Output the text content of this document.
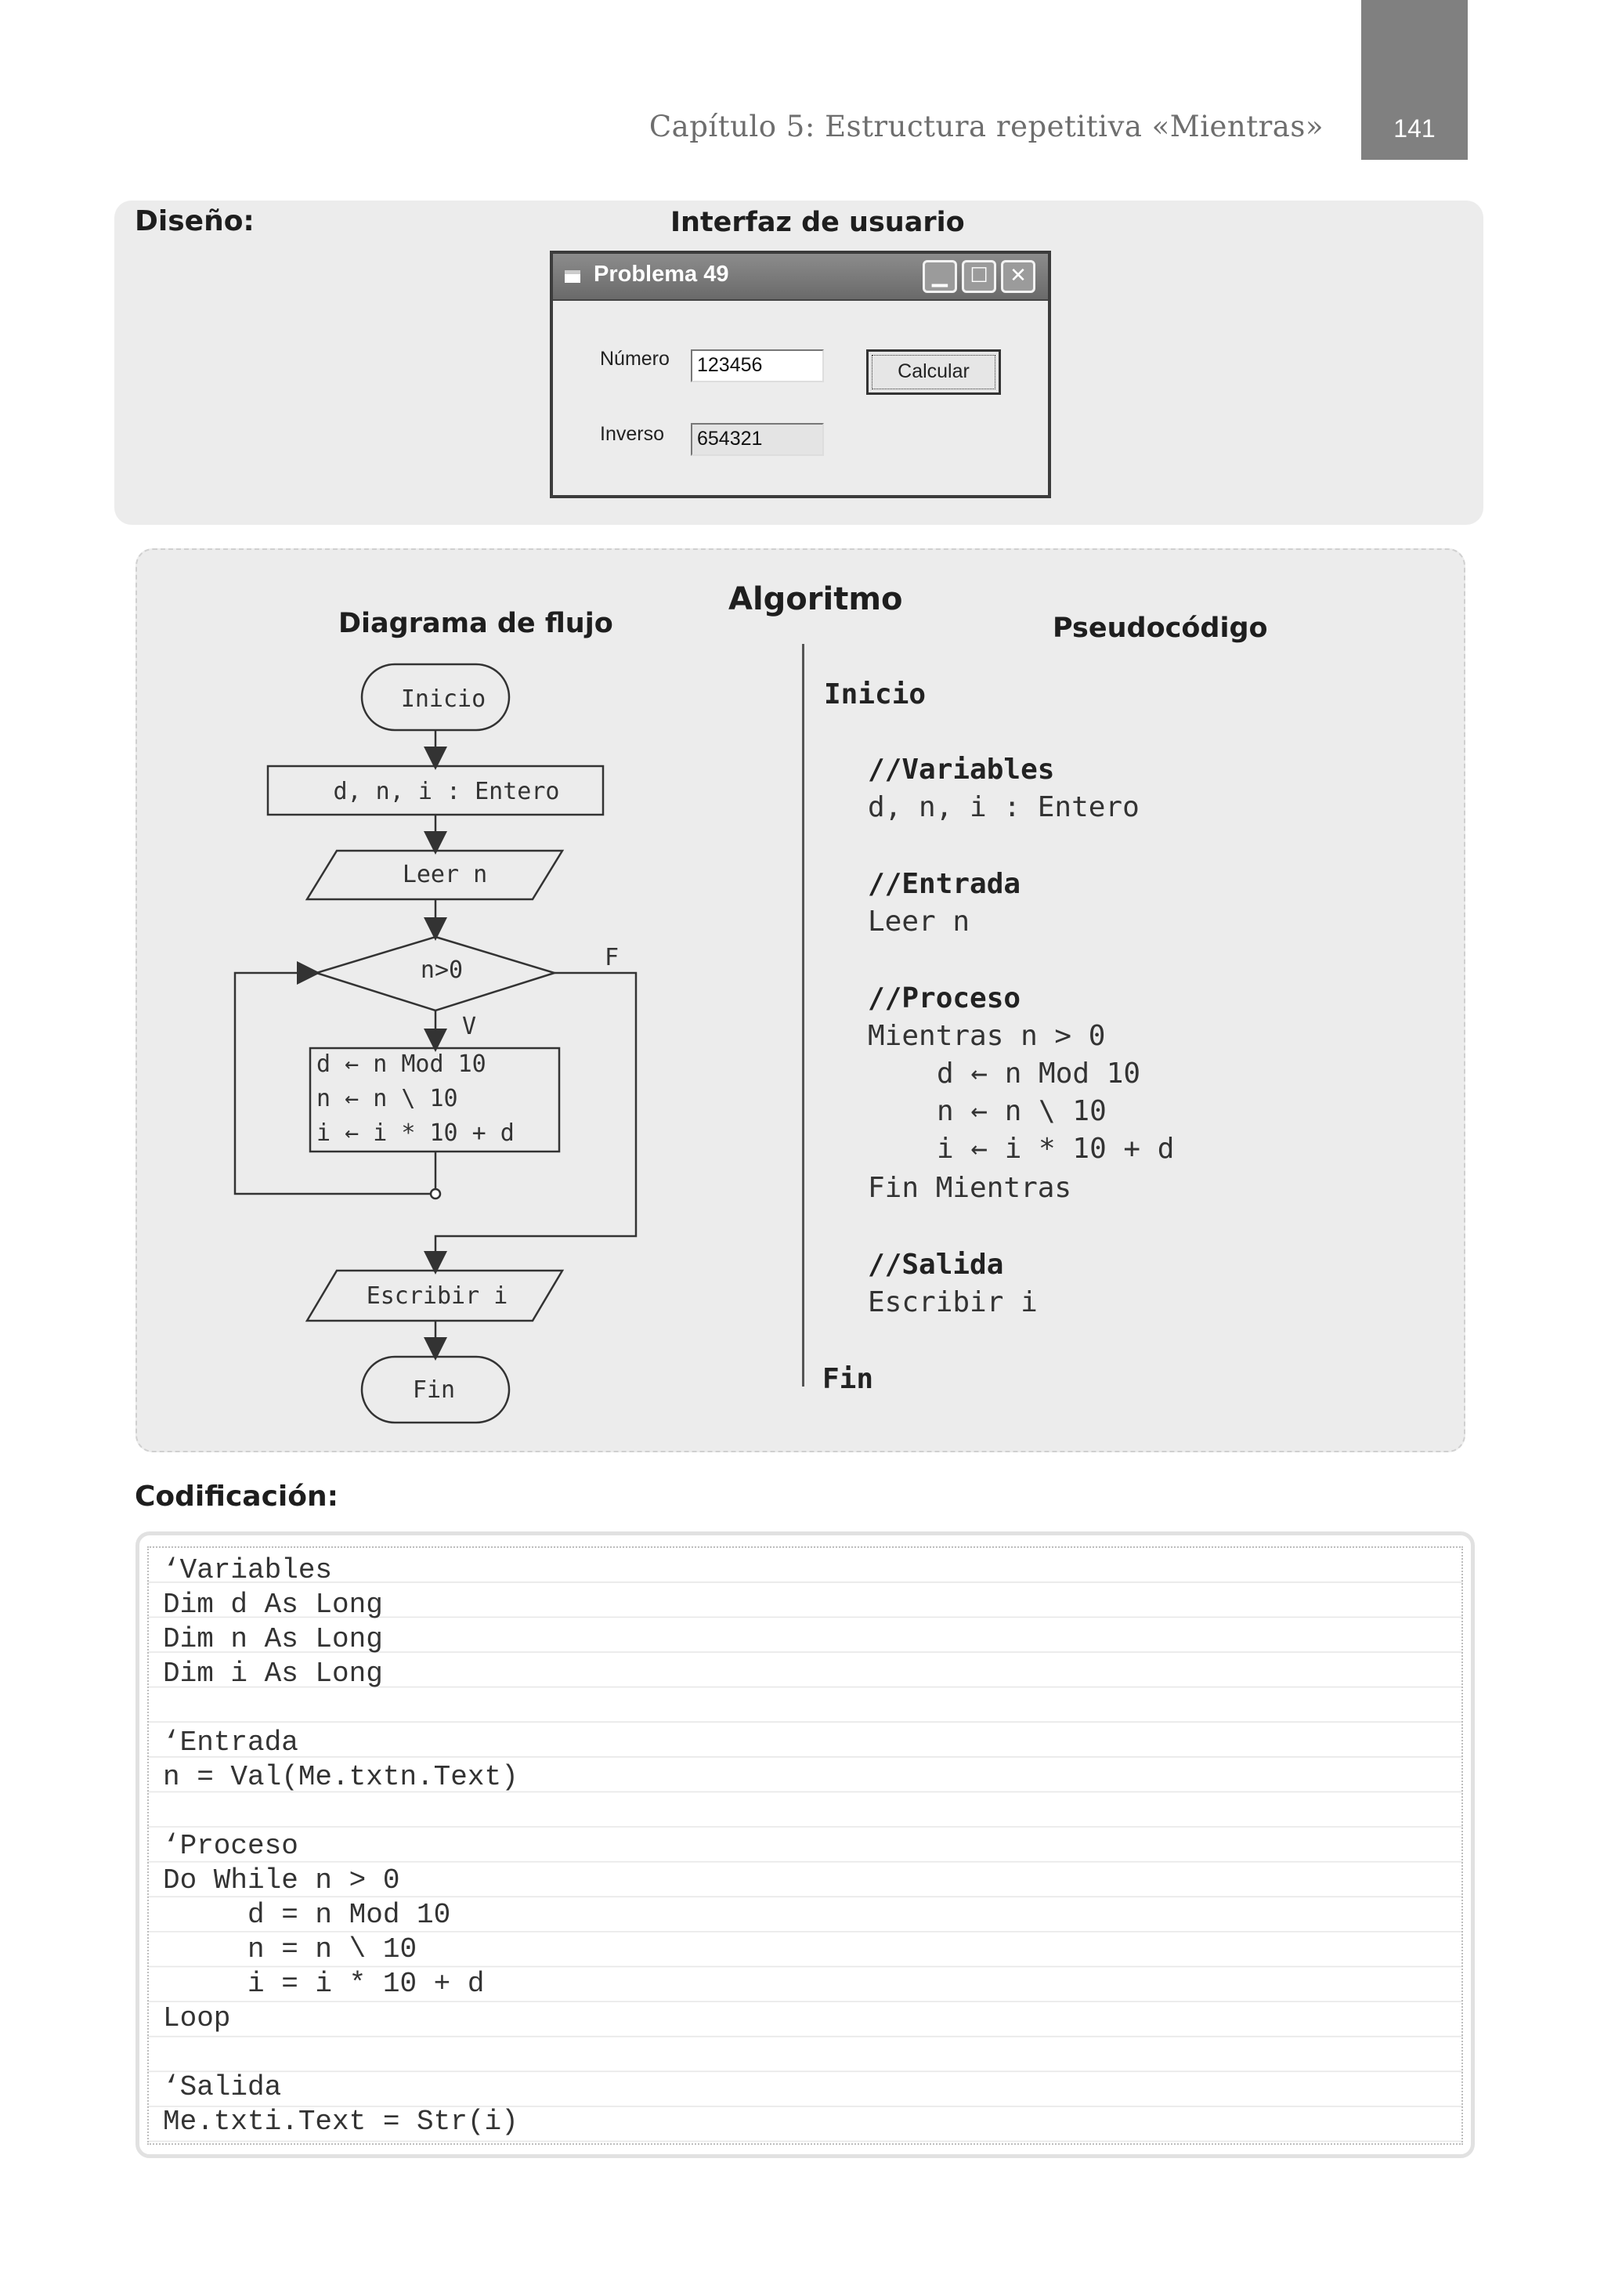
Capítulo 5: Estructura repetitiva «Mientras»	141
Diseño:	Interfaz de usuario
Problema 49	▁	☐	✕
Número	123456	Calcular
Inverso	654321
Algoritmo
Diagrama de flujo	Pseudocódigo
Inicio
d, n, i : Entero
Leer n
n>0	F
V
d ← n Mod 10
n ← n \ 10
i ← i * 10 + d
Escribir i
Fin
Inicio
//Variables
d, n, i : Entero
//Entrada
Leer n
//Proceso
Mientras n > 0
d ← n Mod 10
n ← n \ 10
i ← i * 10 + d
Fin Mientras
//Salida
Escribir i
Fin
Codificación:
‘Variables
Dim d As Long
Dim n As Long
Dim i As Long
‘Entrada
n = Val(Me.txtn.Text)
‘Proceso
Do While n > 0
d = n Mod 10
n = n \ 10
i = i * 10 + d
Loop
‘Salida
Me.txti.Text = Str(i)
